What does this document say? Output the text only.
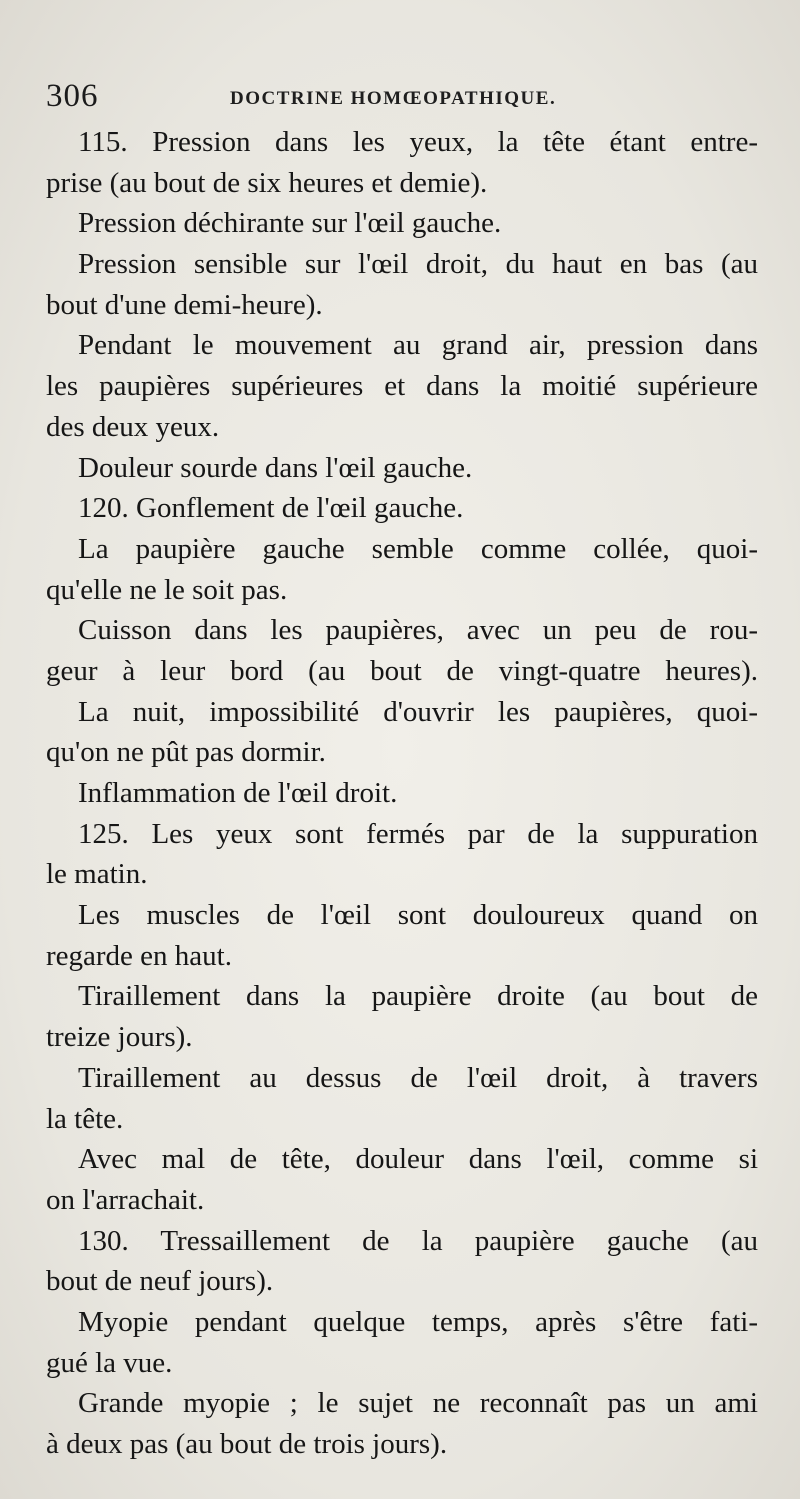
306	DOCTRINE HOMŒOPATHIQUE.
115. Pression dans les yeux, la tête étant entre-
prise (au bout de six heures et demie).
Pression déchirante sur l'œil gauche.
Pression sensible sur l'œil droit, du haut en bas (au
bout d'une demi-heure).
Pendant le mouvement au grand air, pression dans
les paupières supérieures et dans la moitié supérieure
des deux yeux.
Douleur sourde dans l'œil gauche.
120. Gonflement de l'œil gauche.
La paupière gauche semble comme collée, quoi-
qu'elle ne le soit pas.
Cuisson dans les paupières, avec un peu de rou-
geur à leur bord (au bout de vingt-quatre heures).
La nuit, impossibilité d'ouvrir les paupières, quoi-
qu'on ne pût pas dormir.
Inflammation de l'œil droit.
125. Les yeux sont fermés par de la suppuration
le matin.
Les muscles de l'œil sont douloureux quand on
regarde en haut.
Tiraillement dans la paupière droite (au bout de
treize jours).
Tiraillement au dessus de l'œil droit, à travers
la tête.
Avec mal de tête, douleur dans l'œil, comme si
on l'arrachait.
130. Tressaillement de la paupière gauche (au
bout de neuf jours).
Myopie pendant quelque temps, après s'être fati-
gué la vue.
Grande myopie ; le sujet ne reconnaît pas un ami
à deux pas (au bout de trois jours).
